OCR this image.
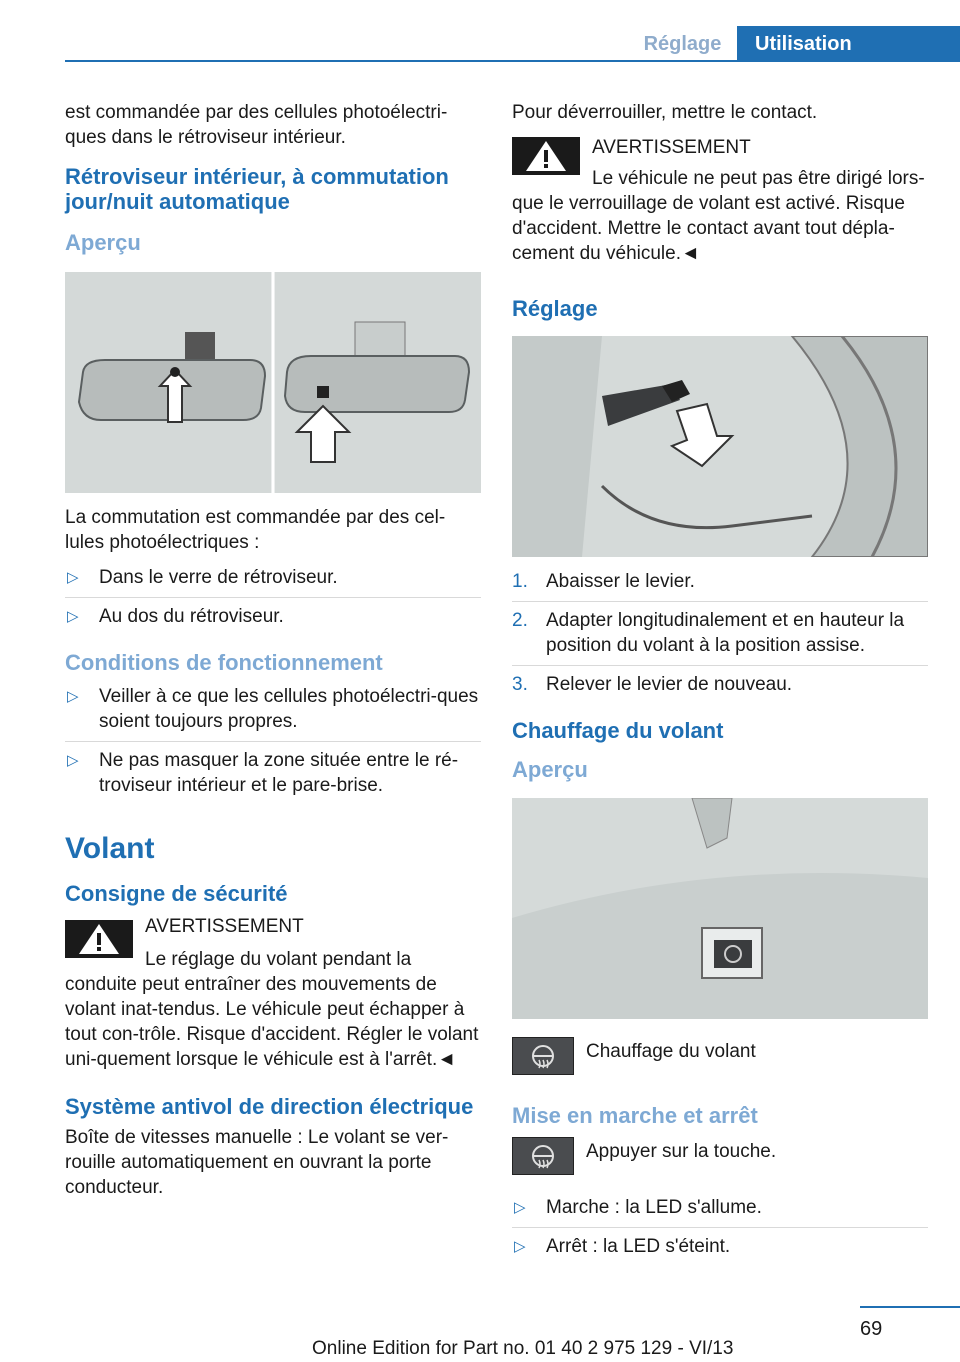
Réglage	Utilisation

est commandée par des cellules photoélectri-ques dans le rétroviseur intérieur.

Rétroviseur intérieur, à commutation jour/nuit automatique
Aperçu

La commutation est commandée par des cel-lules photoélectriques :

▷ Dans le verre de rétroviseur.
▷ Au dos du rétroviseur.
Conditions de fonctionnement
▷ Veiller à ce que les cellules photoélectri-ques soient toujours propres.
▷ Ne pas masquer la zone située entre le ré-troviseur intérieur et le pare-brise.
Volant
Consigne de sécurité

AVERTISSEMENT

Le réglage du volant pendant la conduite peut entraîner des mouvements de volant inat-tendus. Le véhicule peut échapper à tout con-trôle. Risque d'accident. Régler le volant uni-quement lorsque le véhicule est à l'arrêt.◄

Système antivol de direction électrique

Boîte de vitesses manuelle : Le volant se ver-rouille automatiquement en ouvrant la porte conducteur.

Pour déverrouiller, mettre le contact.

AVERTISSEMENT

Le véhicule ne peut pas être dirigé lors-que le verrouillage de volant est activé. Risque d'accident. Mettre le contact avant tout dépla-cement du véhicule.◄

Réglage
1. Abaisser le levier.
2. Adapter longitudinalement et en hauteur la position du volant à la position assise.
3. Relever le levier de nouveau.
Chauffage du volant
Aperçu

Chauffage du volant

Mise en marche et arrêt

Appuyer sur la touche.

▷ Marche : la LED s'allume.
▷ Arrêt : la LED s'éteint.
69
Online Edition for Part no. 01 40 2 975 129 - VI/13
